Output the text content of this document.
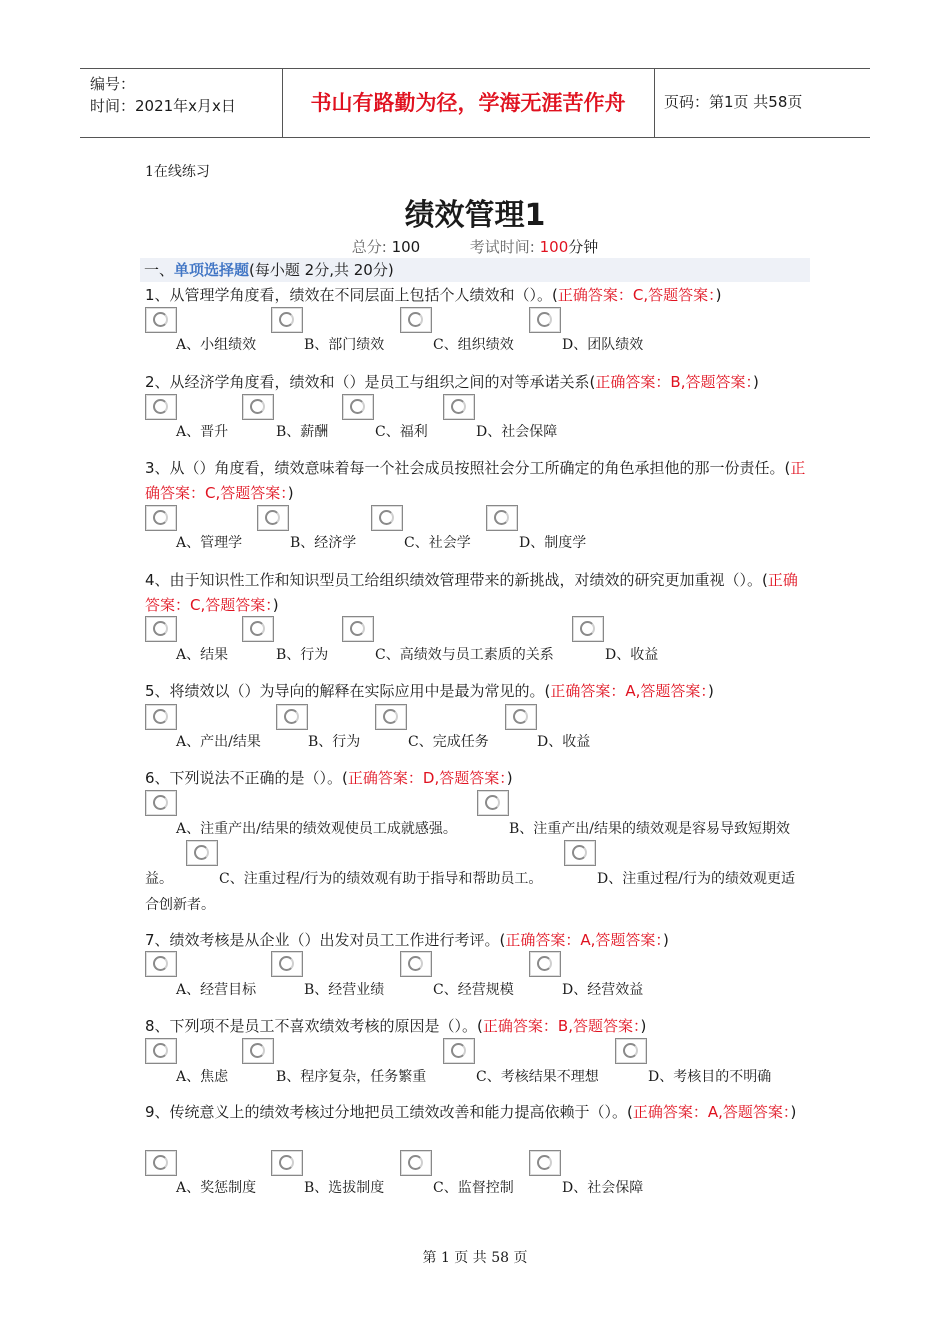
编号：
时间：2021年x月x日	书山有路勤为径，学海无涯苦作舟	页码：第1页 共58页
1在线练习
绩效管理1
总分: 100	考试时间: 100分钟
一、单项选择题(每小题 2分,共 20分)
1、从管理学角度看，绩效在不同层面上包括个人绩效和（）。(正确答案：C,答题答案：)
A、小组绩效	B、部门绩效	C、组织绩效	D、团队绩效
2、从经济学角度看，绩效和（）是员工与组织之间的对等承诺关系(正确答案：B,答题答案：)
A、晋升	B、薪酬	C、福利	D、社会保障
3、从（）角度看，绩效意味着每一个社会成员按照社会分工所确定的角色承担他的那一份责任。(正确答案：C,答题答案：)
A、管理学	B、经济学	C、社会学	D、制度学
4、由于知识性工作和知识型员工给组织绩效管理带来的新挑战，对绩效的研究更加重视（）。(正确答案：C,答题答案：)
A、结果	B、行为	C、高绩效与员工素质的关系	D、收益
5、将绩效以（）为导向的解释在实际应用中是最为常见的。(正确答案：A,答题答案：)
A、产出/结果	B、行为	C、完成任务	D、收益
6、下列说法不正确的是（）。(正确答案：D,答题答案：)
A、注重产出/结果的绩效观使员工成就感强。	B、注重产出/结果的绩效观是容易导致短期效
益。	C、注重过程/行为的绩效观有助于指导和帮助员工。	D、注重过程/行为的绩效观更适
合创新者。
7、绩效考核是从企业（）出发对员工工作进行考评。(正确答案：A,答题答案：)
A、经营目标	B、经营业绩	C、经营规模	D、经营效益
8、下列项不是员工不喜欢绩效考核的原因是（）。(正确答案：B,答题答案：)
A、焦虑	B、程序复杂，任务繁重	C、考核结果不理想	D、考核目的不明确
9、传统意义上的绩效考核过分地把员工绩效改善和能力提高依赖于（）。(正确答案：A,答题答案：)
A、奖惩制度	B、选拔制度	C、监督控制	D、社会保障
第 1 页 共 58 页
